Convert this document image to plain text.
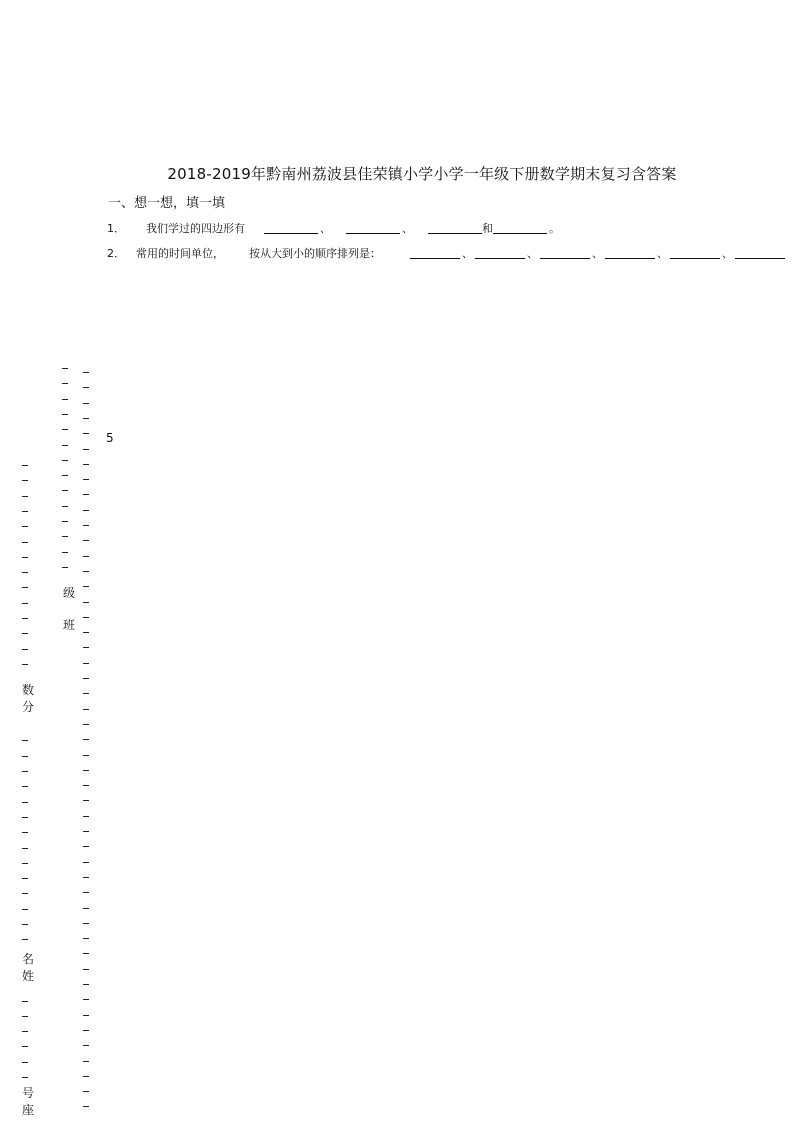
2018-2019年黔南州荔波县佳荣镇小学小学一年级下册数学期末复习含答案
一、想一想，填一填
1． 我们学过的四边形有	、	、	和	。
2． 常用的时间单位， 按从大到小的顺序排列是：	、	、	、	、	、
5
级
班
数
分
名
姓
号
座
